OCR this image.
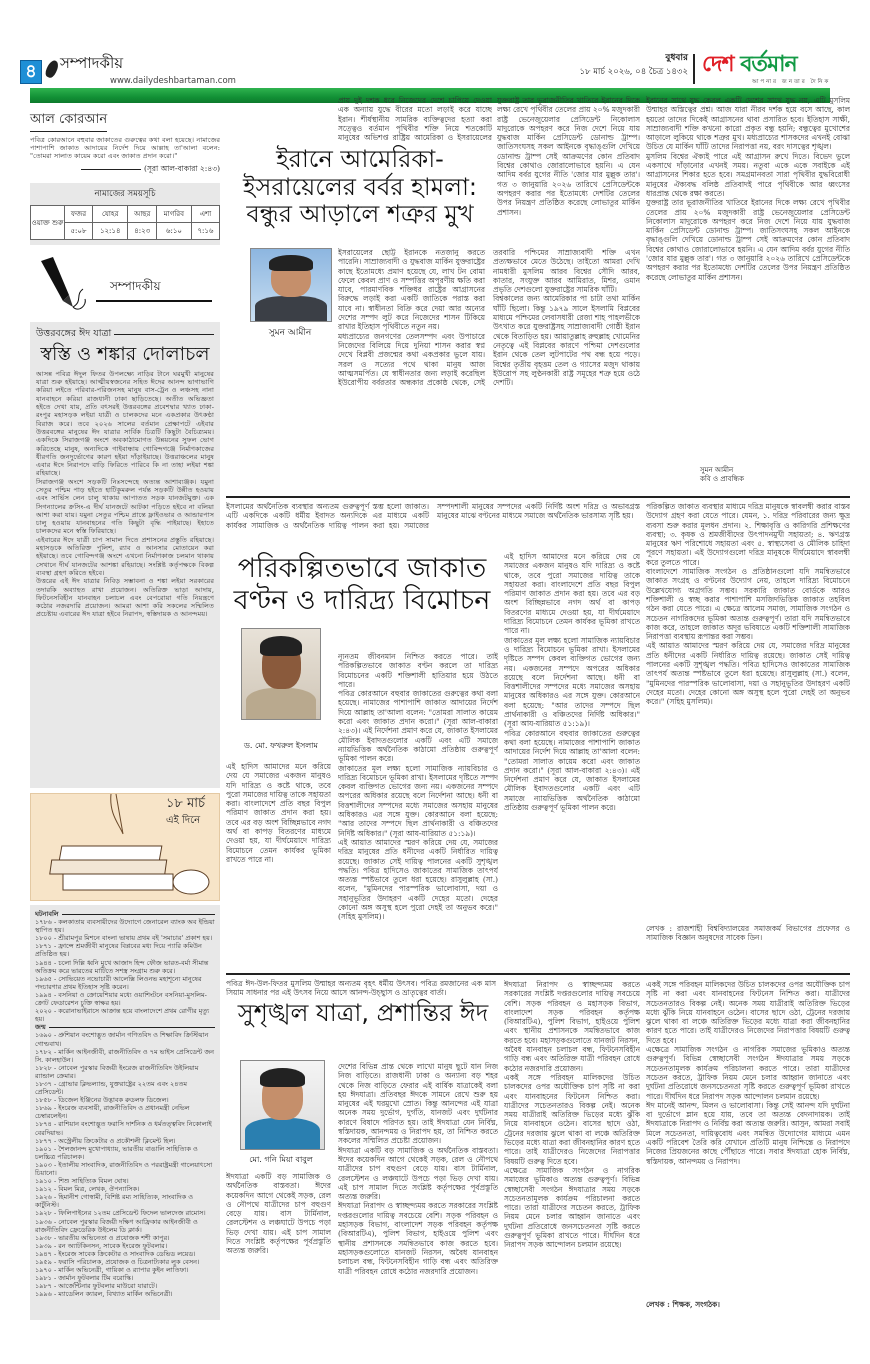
৪	সম্পাদকীয়
www.dailydeshbartaman.com
বুধবার
১৮ মার্চ ২০২৬, ০৪ চৈত্র ১৪৩২ দেশ বর্তমান
আপনার জনতার দৈনিক
আল কোরআন
পবিত্র কোরআনে বহুবার জাকাতের গুরুত্বের কথা বলা হয়েছে। নামাজের পাশাপাশি জাকাত আদায়ের নির্দেশ দিয়ে আল্লাহ তা'আলা বলেন: "তোমরা সালাত কায়েম করো এবং জাকাত প্রদান করো।"
(সূরা আল-বাকারা ২:৪৩)
নামাজের সময়সূচি
ওয়াক্ত শুরু	ফজর	যোহর	আছর	মাগরিব	এশা
	৫:০৮	১২:১৪	৪:২৩	৬:১০	৭:১৬
সম্পাদকীয়
উত্তরবঙ্গের ঈদ যাত্রা
স্বস্তি ও শঙ্কার দোলাচল

আসন্ন পবিত্র ঈদুল ফিতর উপলক্ষ্যে নাড়ির টানে ঘরমুখী মানুষের যাত্রা শুরু হইয়াছে। আত্মীয়স্বজনের সহিত ঈদের আনন্দ ভাগাভাগি করিয়া লইতে পরিবার-পরিজনসহ মানুষ বাস-ট্রেন ও লঞ্চসহ নানা যানবাহনে করিয়া রাজধানী ঢাকা ছাড়িতেছে। অতীত অভিজ্ঞতা হইতে দেখা যায়, প্রতি বৎসরই উত্তরবঙ্গের প্রবেশদ্বার খ্যাত ঢাকা-রংপুর মহাসড়ক লইয়া যাত্রী ও চালকদের মনে একপ্রকার উৎকণ্ঠা বিরাজ করে। তবে ২০২৬ সালের বর্তমান প্রেক্ষাপটে এইবার উত্তরবঙ্গের মানুষের ঈদ যাত্রার সার্বিক চিত্রটি কিছুটা বৈচিত্র্যময়। একদিকে সিরাজগঞ্জ অংশে অবকাঠামোগত উন্নয়নের সুফল ভোগ করিতেছে মানুষ, অন্যদিকে গাইবান্ধায় গোবিন্দগঞ্জে নির্মাণকাজের ধীরগতি জনদুর্ভোগের কারণ হইয়া দাঁড়াইয়াছে। উত্তরাঞ্চলের মানুষ এবার ঈদে নিরাপদে বাড়ি ফিরিতে পারিবে কি না তাহা লইয়া শঙ্কা রহিয়াছে।

সিরাজগঞ্জ অংশে সড়কটি নিঃসন্দেহে অত্যন্ত আশাব্যঞ্জক। যমুনা সেতুর পশ্চিম পাড় হইতে হাটিকুমরুল পর্যন্ত সড়কটি উন্নীত হওয়ায় এবং সার্ভিস লেন চালু থাকায় আপাতত সড়ক যানজটমুক্ত। এক সিগন্যালের ক্রসিং-এ দীর্ঘ যানজটে আটকা পড়িতে হইবে না বলিয়া আশা করা যায়। যমুনা সেতুর পশ্চিম প্রান্তে ফ্লাইওভার ও আন্ডারপাস চালু হওয়ায় যানবাহনের গতি কিছুটা বৃদ্ধি পাইয়াছে। ইহাতে চালকদের মনে স্বস্তি ফিরিয়াছে।

এইবারের ঈদে যাত্রী চাপ সামাল দিতে প্রশাসনের প্রস্তুতি রহিয়াছে। মহাসড়কে অতিরিক্ত পুলিশ, র‍্যাব ও আনসার মোতায়েন করা হইয়াছে। তবে গোবিন্দগঞ্জ অংশে এখনো নির্মাণকাজ চলমান থাকায় সেখানে দীর্ঘ যানজটের আশঙ্কা রহিয়াছে। সংশ্লিষ্ট কর্তৃপক্ষকে বিকল্প ব্যবস্থা গ্রহণ করিতে হইবে।

উত্তরের এই ঈদ যাত্রার নিবিড় সম্ভাবনা ও শঙ্কা লইয়া সরকারের তদারকি অব্যাহত রাখা প্রয়োজন। অতিরিক্ত ভাড়া আদায়, ফিটনেসবিহীন যানবাহন চলাচল এবং বেপরোয়া গতি নিয়ন্ত্রণে কঠোর নজরদারি প্রয়োজন। আমরা আশা করি সকলের সম্মিলিত প্রচেষ্টায় এবারের ঈদ যাত্রা হইবে নিরাপদ, স্বস্তিদায়ক ও আনন্দময়।

১৮ মার্চ
এই দিনে
ঘটনাবলি

১৭৮৬ - কলকাতায় ব্যবসায়ীদের উদ্যোগে জেনারেল ব্যাংক অব ইন্ডিয়া স্থাপিত হয়।

১৮০০ - শ্রীরামপুর মিশনে বাংলা ভাষায় প্রথম বই 'সমাচার' প্রকাশ হয়।

১৮৭১ - ফ্রান্সে শ্রমজীবী মানুষের বিপ্লবের মধ্য দিয়ে প্যারি কমিউন প্রতিষ্ঠিত হয়।

১৯৪৪ - চলো দিল্লি ধ্বনি মুখে আজাদ হিন্দ ফৌজ ভারত-বর্মা সীমান্ত অতিক্রম করে ভারতের মাটিতে সশস্ত্র সংগ্রাম শুরু করে।

১৯৬৫ - সোভিয়েত নভোচারী আলেক্সি লিওনভ মহাশূন্যে মানুষের পদচারণার প্রথম ইতিহাস সৃষ্টি করেন।

১৯৯৪ - বসনিয়া ও ক্রোয়েশিয়ার মধ্যে ওয়াশিংটনে বসনিয়া-মুসলিম-ক্রোট ফেডারেশন চুক্তি স্বাক্ষর হয়।

২০২০ - করোনাভাইরাসে আক্রান্ত হয়ে বাংলাদেশে প্রথম রোগীর মৃত্যু হয়।

জন্ম

১৬৯০ - প্রুশিয়ান বংশোদ্ভূত জার্মান গণিতবিদ ও শিক্ষাবিদ ক্রিস্টিয়ান গোল্ডবাখ।

১৭৮২ - মার্কিন আইনজীবী, রাজনীতিবিদ ও ৭ম ভাইস প্রেসিডেন্ট জন সি. কালহাউন।

১৮২৮ - নোবেল পুরস্কার বিজয়ী ইংরেজ রাজনীতিবিদ উইলিয়াম র‍্যান্ডাল ক্রেমার।

১৮৩৭ - গ্রোভার ক্লিভল্যান্ড, যুক্তরাষ্ট্রের ২২তম এবং ২৪তম প্রেসিডেন্ট।

১৮৫৮ - ডিজেল ইঞ্জিনের উদ্ভাবক রুডলফ ডিজেল।

১৮৬৯ - ইংরেজ ব্যবসায়ী, রাজনীতিবিদ ও প্রধানমন্ত্রী নেভিল চেম্বারলেইন।

১৮৭৪ - রাশিয়ান বংশোদ্ভূত ফরাসি দার্শনিক ও ধর্মতত্ত্ববিদ নিকোলাই বেরদিয়াভ।

১৮৭৭ - অস্ট্রেলীয় ক্রিকেটার ও প্রকৌশলী ক্লিমেন্ট হিল।

১৯০১ - শৈলজানন্দ মুখোপাধ্যায়, ভারতীয় বাঙালি সাহিত্যিক ও চলচ্চিত্র পরিচালক।

১৯০৩ - ইতালীয় সাংবাদিক, রাজনীতিবিদ ও পররাষ্ট্রমন্ত্রী গালেয়াৎসো চিয়ানো।

১৯১০ - শিশু সাহিত্যিক বিমল ঘোষ।

১৯১২ - বিমল মিত্র, লেখক, ঔপন্যাসিক।

১৯২৬ - হিমানীশ গোস্বামী, বিশিষ্ট রম্য সাহিত্যিক, সাংবাদিক ও কার্টুনিস্ট।

১৯২৮ - ফিলিপাইনের ১২তম প্রেসিডেন্ট ফিদেল ভালদেজ রামোস।

১৯৩৬ - নোবেল পুরস্কার বিজয়ী দক্ষিণ আফ্রিকার আইনজীবী ও রাজনীতিবিদ ফ্রেডেরিক উইলেম ডি ক্লার্ক।

১৯৩৮ - ভারতীয় অভিনেতা ও প্রযোজক শশী কাপুর।

১৯৩৯ - রন অ্যাটকিনসন, সাবেক ইংরেজ ফুটবলার।

১৯৪৭ - ইংরেজ সাবেক ক্রিকেটার ও সাংবাদিক ডেভিড লয়েড।

১৯৫৯ - ফরাসি পরিচালক, প্রযোজক ও চিত্রনাট্যকার লুক বেসন।

১৯৭০ - মার্কিন অভিনেত্রী, গায়িকা ও র‍্যাপার কুইন লাতিফা।

১৯৮১ - জার্মান ফুটবলার টিম বরোস্কি।

১৯৮৭ - আর্জেন্টিনার ফুটবলার মাউরো যারাটে।

১৯৯৬ - ম্যাডেলিন ক্যারল, বিখ্যাত মার্কিন অভিনেত্রী।

প্রায় দুই দশক ধরে নিজেদের দেশে চাপিয়ে দেওয়া এক অন্যায় যুদ্ধে বীরের মতো লড়াই করে যাচ্ছে ইরান। শীর্ষস্থানীয় সামরিক ব্যক্তিত্বদের হত্যা করা সত্ত্বেও বর্তমান পৃথিবীর শক্তি নিয়ে শতকোটি মানুষের অভিশপ্ত রাষ্ট্রিয় আমেরিকা ও ইসরায়েলের
ইরানে আমেরিকা-ইসরায়েলের বর্বর হামলা: বন্ধুর আড়ালে শত্রুর মুখ
সুমন আমীন

ইসরায়েলের ছোট্ট ইরানকে নতজানু করতে পারেনি। সাম্রাজ্যবাদী ও যুদ্ধবাজ মার্কিন যুক্তরাষ্ট্রের কাছে ইতোমধ্যে প্রমাণ হয়েছে যে, লাখ টন বোমা ফেলে কেবল প্রাণ ও সম্পত্তির অপূরণীয় ক্ষতি করা যাবে, পারমাণবিক শক্তিধর রাষ্ট্রের আগ্রাসনের বিরুদ্ধে লড়াই করা একটি জাতিকে পরাস্ত করা যাবে না। স্বাধীনতা বিক্রি করে দেয়া আর অন্যের দেশের সম্পদ লুট করে নিজেদের শাসন টিকিয়ে রাখার ইতিহাস পৃথিবীতে নতুন নয়।

মধ্যপ্রাচ্যের জনগণের তেলসম্পদ এবং উপাচারে নিজেদের বিলিয়ে দিয়ে দুনিয়া শাসন করার স্বপ্ন দেখে বিপ্লবী প্রজন্মের কথা একপ্রকার ভুলে যায়। সরল ও সত্যের পথে থাকা মানুষ আজ আত্মসমর্পিত। যে স্বাধীনতার জন্য লড়াই করেছিল ইউরোপীয় বর্বরতার অন্ধকার প্রকোষ্ঠ থেকে, সেই তরবারি পশ্চিমের সাম্রাজ্যবাদী শক্তি এখন প্রত্যক্ষভাবে মেতে উঠেছে। তাইতো আমরা দেখি নামধারী মুসলিম আরব বিশ্বের সৌদি আরব, কাতার, সংযুক্ত আরব আমিরাত, মিশর, ওমান প্রভৃতি দেশগুলো যুক্তরাষ্ট্রের সামরিক ঘাঁটি।

বিশ্বকালের জন্য আমেরিকার পা চাটা তথা মার্কিন ঘাঁটি ছিলো। কিন্তু ১৯৭৯ সালে ইসলামি বিপ্লবের মাধ্যমে পশ্চিমের লেবাসধারী রেজা শাহ পাহলভীকে উৎখাত করে যুক্তরাষ্ট্রসহ সাম্রাজ্যবাদী গোষ্ঠী ইরান থেকে বিতাড়িত হয়। আয়াতুল্লাহ রুহুল্লাহ খোমেনির নেতৃত্বে এই বিপ্লবের কারণে পশ্চিমা দেশগুলোর ইরান থেকে তেল লুটপাটের পথ বন্ধ হয়ে পড়ে। বিশ্বের তৃতীয় বৃহত্তম তেল ও গ্যাসের মজুদ থাকায় ইউরোপ সহ লুণ্ঠনকারী রাষ্ট্র সমূহের শত্রু হয়ে ওঠে দেশটি।

যুক্তরাষ্ট্র তার ভূরাজনীতির খাতিরে ইরানের দিকে লক্ষ্য রেখে পৃথিবীর তেলের প্রায় ২০% মজুদকারী রাষ্ট্র ভেনেজুয়েলার প্রেসিডেন্ট নিকোলাস মাদুরোকে অপহরণ করে নিজ দেশে নিয়ে যায় যুদ্ধবাজ মার্কিন প্রেসিডেন্ট ডোনাল্ড ট্রাম্প। জাতিসংঘসহ সকল আইনকে বৃদ্ধাঙ্গুলি দেখিয়ে ডোনাল্ড ট্রাম্প সেই আক্রমণের কোন প্রতিবাদ বিশ্বের কোথাও জোরালোভাবে হয়নি। এ যেন আদিম বর্বর যুগের নীতি 'জোর যার মুল্লুক তার'। গত ৩ জানুয়ারি ২০২৬ তারিখে প্রেসিডেন্টকে অপহরণ করার পর ইতোমধ্যে দেশটির তেলের উপর নিয়ন্ত্রণ প্রতিষ্ঠিত করেছে লোভাতুর মার্কিন প্রশাসন।

ইরানের সাথে যুদ্ধ কেবল একটি দেশের সাথে যুদ্ধ নয়, এটি মুসলিম উম্মাহর অস্তিত্বের প্রশ্ন। আজ যারা নীরব দর্শক হয়ে বসে আছে, কাল হয়তো তাদের দিকেই আগ্রাসনের থাবা প্রসারিত হবে। ইতিহাস সাক্ষী, সাম্রাজ্যবাদী শক্তি কখনো কারো প্রকৃত বন্ধু হয়নি; বন্ধুত্বের মুখোশের আড়ালে লুকিয়ে থাকে শত্রুর মুখ। মধ্যপ্রাচ্যের শাসকদের এখনই বোঝা উচিত যে মার্কিন ঘাঁটি তাদের নিরাপত্তা নয়, বরং দাসত্বের শৃঙ্খল।

মুসলিম বিশ্বের ঐক্যই পারে এই আগ্রাসন রুখে দিতে। বিভেদ ভুলে একসাথে দাঁড়ানোর এখনই সময়। নতুবা একে একে সবাইকে এই আগ্রাসনের শিকার হতে হবে। সমগ্রমানবতা সারা পৃথিবীর যুদ্ধবিরোধী মানুষের ঐক্যবদ্ধ বলিষ্ঠ প্রতিবাদই পারে পৃথিবীকে আর ধ্বংসের ধারপ্রান্ত থেকে রক্ষা করতে।

যুক্তরাষ্ট্র তার ভূরাজনীতির খাতিরে ইরানের দিকে লক্ষ্য রেখে পৃথিবীর তেলের প্রায় ২০% মজুদকারী রাষ্ট্র ভেনেজুয়েলার প্রেসিডেন্ট নিকোলাস মাদুরোকে অপহরণ করে নিজ দেশে নিয়ে যায় যুদ্ধবাজ মার্কিন প্রেসিডেন্ট ডোনাল্ড ট্রাম্প। জাতিসংঘসহ সকল আইনকে বৃদ্ধাঙ্গুলি দেখিয়ে ডোনাল্ড ট্রাম্প সেই আক্রমণের কোন প্রতিবাদ বিশ্বের কোথাও জোরালোভাবে হয়নি। এ যেন আদিম বর্বর যুগের নীতি 'জোর যার মুল্লুক তার'। গত ৩ জানুয়ারি ২০২৬ তারিখে প্রেসিডেন্টকে অপহরণ করার পর ইতোমধ্যে দেশটির তেলের উপর নিয়ন্ত্রণ প্রতিষ্ঠিত করেছে লোভাতুর মার্কিন প্রশাসন।

সুমন আমীন
কবি ও প্রাবন্ধিক
ইসলামের অর্থনৈতিক ব্যবস্থার অন্যতম গুরুত্বপূর্ণ স্তম্ভ হলো জাকাত। এটি একদিকে একটি ধর্মীয় ইবাদত অন্যদিকে এর মাধ্যমে একটি কার্যকর সামাজিক ও অর্থনৈতিক দায়িত্ব পালন করা হয়। সমাজের সম্পদশালী মানুষের সম্পদের একটি নির্দিষ্ট অংশ দরিদ্র ও অভাবগ্রস্ত মানুষের মাঝে বণ্টনের মাধ্যমে সমাজে অর্থনৈতিক ভারসাম্য সৃষ্টি হয়।
পরিকল্পিতভাবে জাকাত বণ্টন ও দারিদ্র্য বিমোচন
ড. মো. ফখরুল ইসলাম

ন্যূনতম জীবনমান নিশ্চিত করতে পারে। তাই পরিকল্পিতভাবে জাকাত বণ্টন করলে তা দারিদ্র্য বিমোচনের একটি শক্তিশালী হাতিয়ার হয়ে উঠতে পারে।

পবিত্র কোরআনে বহুবার জাকাতের গুরুত্বের কথা বলা হয়েছে। নামাজের পাশাপাশি জাকাত আদায়ের নির্দেশ দিয়ে আল্লাহ তা'আলা বলেন: "তোমরা সালাত কায়েম করো এবং জাকাত প্রদান করো।" (সূরা আল-বাকারা ২:৪৩)। এই নির্দেশনা প্রমাণ করে যে, জাকাত ইসলামের মৌলিক ইবাদতগুলোর একটি এবং এটি সমাজে ন্যায়ভিত্তিক অর্থনৈতিক কাঠামো প্রতিষ্ঠায় গুরুত্বপূর্ণ ভূমিকা পালন করে।

জাকাতের মূল লক্ষ্য হলো সামাজিক ন্যায়বিচার ও দারিদ্র্য বিমোচনে ভূমিকা রাখা। ইসলামের দৃষ্টিতে সম্পদ কেবল ব্যক্তিগত ভোগের জন্য নয়। একজনের সম্পদে অপরের অধিকার রয়েছে বলে নির্দেশনা আছে। ধনী বা বিত্তশালীদের সম্পদের মধ্যে সমাজের অসহায় মানুষের অধিকারও এর সঙ্গে যুক্ত। কোরআনে বলা হয়েছে: "আর তাদের সম্পদে ছিল প্রার্থনাকারী ও বঞ্চিতদের নির্দিষ্ট অধিকার।" (সূরা আয-যারিয়াত ৫১:১৯)।

এই আয়াত আমাদের স্মরণ করিয়ে দেয় যে, সমাজের দরিদ্র মানুষের প্রতি ধনীদের একটি নির্ধারিত দায়িত্ব রয়েছে। জাকাত সেই দায়িত্ব পালনের একটি সুশৃঙ্খল পদ্ধতি। পবিত্র হাদিসেও জাকাতের সামাজিক তাৎপর্য অত্যন্ত স্পষ্টভাবে তুলে ধরা হয়েছে। রাসুলুল্লাহ (সা.) বলেন, "মুমিনদের পারস্পরিক ভালোবাসা, দয়া ও সহানুভূতির উদাহরণ একটি দেহের মতো। দেহের কোনো অঙ্গ অসুস্থ হলে পুরো দেহই তা অনুভব করে।" (সহিহ মুসলিম)।

এই হাদিস আমাদের মনে করিয়ে দেয় যে সমাজের একজন মানুষও যদি দারিদ্র্য ও কষ্টে থাকে, তবে পুরো সমাজের দায়িত্ব তাকে সহায়তা করা। বাংলাদেশে প্রতি বছর বিপুল পরিমাণ জাকাত প্রদান করা হয়। তবে এর বড় অংশ বিচ্ছিন্নভাবে নগদ অর্থ বা কাপড় বিতরণের মাধ্যমে দেওয়া হয়, যা দীর্ঘমেয়াদে দারিদ্র্য বিমোচনে তেমন কার্যকর ভূমিকা রাখতে পারে না।

এই হাদিস আমাদের মনে করিয়ে দেয় যে সমাজের একজন মানুষও যদি দারিদ্র্য ও কষ্টে থাকে, তবে পুরো সমাজের দায়িত্ব তাকে সহায়তা করা। বাংলাদেশে প্রতি বছর বিপুল পরিমাণ জাকাত প্রদান করা হয়। তবে এর বড় অংশ বিচ্ছিন্নভাবে নগদ অর্থ বা কাপড় বিতরণের মাধ্যমে দেওয়া হয়, যা দীর্ঘমেয়াদে দারিদ্র্য বিমোচনে তেমন কার্যকর ভূমিকা রাখতে পারে না।

জাকাতের মূল লক্ষ্য হলো সামাজিক ন্যায়বিচার ও দারিদ্র্য বিমোচনে ভূমিকা রাখা। ইসলামের দৃষ্টিতে সম্পদ কেবল ব্যক্তিগত ভোগের জন্য নয়। একজনের সম্পদে অপরের অধিকার রয়েছে বলে নির্দেশনা আছে। ধনী বা বিত্তশালীদের সম্পদের মধ্যে সমাজের অসহায় মানুষের অধিকারও এর সঙ্গে যুক্ত। কোরআনে বলা হয়েছে: "আর তাদের সম্পদে ছিল প্রার্থনাকারী ও বঞ্চিতদের নির্দিষ্ট অধিকার।" (সূরা আয-যারিয়াত ৫১:১৯)।

পবিত্র কোরআনে বহুবার জাকাতের গুরুত্বের কথা বলা হয়েছে। নামাজের পাশাপাশি জাকাত আদায়ের নির্দেশ দিয়ে আল্লাহ তা'আলা বলেন: "তোমরা সালাত কায়েম করো এবং জাকাত প্রদান করো।" (সূরা আল-বাকারা ২:৪৩)। এই নির্দেশনা প্রমাণ করে যে, জাকাত ইসলামের মৌলিক ইবাদতগুলোর একটি এবং এটি সমাজে ন্যায়ভিত্তিক অর্থনৈতিক কাঠামো প্রতিষ্ঠায় গুরুত্বপূর্ণ ভূমিকা পালন করে।

পরিকল্পিত জাকাত ব্যবস্থার মাধ্যমে দরিদ্র মানুষকে স্বাবলম্বী করার বাস্তব উদ্যোগ গ্রহণ করা যেতে পারে। যেমন, ১. দরিদ্র পরিবারের জন্য ক্ষুদ্র ব্যবসা শুরু করার মূলধন প্রদান। ২. শিক্ষাবৃত্তি ও কারিগরি প্রশিক্ষণের ব্যবস্থা; ৩. কৃষক ও শ্রমজীবীদের উৎপাদনমুখী সহায়তা; ৪. ঋণগ্রস্ত মানুষের ঋণ পরিশোধে সহায়তা এবং ৫. স্বাস্থ্যসেবা ও মৌলিক চাহিদা পূরণে সহায়তা। এই উদ্যোগগুলো দরিদ্র মানুষকে দীর্ঘমেয়াদে স্বাবলম্বী করে তুলতে পারে।

বাংলাদেশে সামাজিক সংগঠন ও প্রতিষ্ঠানগুলো যদি সমন্বিতভাবে জাকাত সংগ্রহ ও বণ্টনের উদ্যোগ নেয়, তাহলে দারিদ্র্য বিমোচনে উল্লেখযোগ্য অগ্রগতি সম্ভব। সরকারি জাকাত বোর্ডকে আরও শক্তিশালী ও স্বচ্ছ করার পাশাপাশি মসজিদভিত্তিক জাকাত তহবিল গঠন করা যেতে পারে। এ ক্ষেত্রে আলেম সমাজ, সামাজিক সংগঠন ও সচেতন নাগরিকদের ভূমিকা অত্যন্ত গুরুত্বপূর্ণ। তারা যদি সমন্বিতভাবে কাজ করে, তাহলে জাকাত অদূর ভবিষ্যতে একটি শক্তিশালী সামাজিক নিরাপত্তা ব্যবস্থায় রূপান্তর করা সম্ভব।

এই আয়াত আমাদের স্মরণ করিয়ে দেয় যে, সমাজের দরিদ্র মানুষের প্রতি ধনীদের একটি নির্ধারিত দায়িত্ব রয়েছে। জাকাত সেই দায়িত্ব পালনের একটি সুশৃঙ্খল পদ্ধতি। পবিত্র হাদিসেও জাকাতের সামাজিক তাৎপর্য অত্যন্ত স্পষ্টভাবে তুলে ধরা হয়েছে। রাসুলুল্লাহ (সা.) বলেন, "মুমিনদের পারস্পরিক ভালোবাসা, দয়া ও সহানুভূতির উদাহরণ একটি দেহের মতো। দেহের কোনো অঙ্গ অসুস্থ হলে পুরো দেহই তা অনুভব করে।" (সহিহ মুসলিম)।

লেখক : রাজশাহী বিশ্ববিদ্যালয়ের সমাজকর্ম বিভাগের প্রফেসর ও সামাজিক বিজ্ঞান অনুষদের সাবেক ডিন।
পবিত্র ঈদ-উল-ফিতর মুসলিম উম্মাহর অন্যতম বৃহৎ ধর্মীয় উৎসব। পবিত্র রমজানের এক মাস সিয়াম সাধনার পর এই উৎসব নিয়ে আসে আনন্দ-উচ্ছ্বাস ও ভ্রাতৃত্বের বার্তা।
সুশৃঙ্খল যাত্রা, প্রশান্তির ঈদ
মো. গনি মিয়া বাবুল

দেশের বিভিন্ন প্রান্ত থেকে লাখো মানুষ ছুটে যান নিজ নিজ বাড়িতে। রাজধানী ঢাকা ও অন্যান্য বড় শহর থেকে নিজ বাড়িতে ফেরার এই বার্ষিক যাত্রাকেই বলা হয় ঈদযাত্রা। প্রতিবছর ঈদকে সামনে রেখে শুরু হয় মানুষের এই ঘরমুখো স্রোত। কিন্তু আনন্দের এই যাত্রা অনেক সময় দুর্ভোগ, দুর্গতি, যানজট এবং দুর্ঘটনার কারণে বিষাদে পরিণত হয়। তাই ঈদযাত্রা যেন নির্বিঘ্ন, স্বস্তিদায়ক, আনন্দময় ও নিরাপদ হয়, তা নিশ্চিত করতে সকলের সম্মিলিত প্রচেষ্টা প্রয়োজন।

ঈদযাত্রা একটি বড় সামাজিক ও অর্থনৈতিক বাস্তবতা। ঈদের কয়েকদিন আগে থেকেই সড়ক, রেল ও নৌপথে যাত্রীদের চাপ বহুগুণ বেড়ে যায়। বাস টার্মিনাল, রেলস্টেশন ও লঞ্চঘাটে উপচে পড়া ভিড় দেখা যায়। এই চাপ সামাল দিতে সংশ্লিষ্ট কর্তৃপক্ষের পূর্বপ্রস্তুতি অত্যন্ত জরুরি।

ঈদযাত্রা নিরাপদ ও স্বাচ্ছন্দ্যময় করতে সরকারের সংশ্লিষ্ট দপ্তরগুলোর দায়িত্ব সবচেয়ে বেশি। সড়ক পরিবহন ও মহাসড়ক বিভাগ, বাংলাদেশ সড়ক পরিবহন কর্তৃপক্ষ (বিআরটিএ), পুলিশ বিভাগ, হাইওয়ে পুলিশ এবং স্থানীয় প্রশাসনকে সমন্বিতভাবে কাজ করতে হবে। মহাসড়কগুলোতে যানজট নিরসন, অবৈধ যানবাহন চলাচল বন্ধ, ফিটনেসবিহীন গাড়ি বন্ধ এবং অতিরিক্ত যাত্রী পরিবহন রোধে কঠোর নজরদারি প্রয়োজন।

ঈদযাত্রা একটি বড় সামাজিক ও অর্থনৈতিক বাস্তবতা। ঈদের কয়েকদিন আগে থেকেই সড়ক, রেল ও নৌপথে যাত্রীদের চাপ বহুগুণ বেড়ে যায়। বাস টার্মিনাল, রেলস্টেশন ও লঞ্চঘাটে উপচে পড়া ভিড় দেখা যায়। এই চাপ সামাল দিতে সংশ্লিষ্ট কর্তৃপক্ষের পূর্বপ্রস্তুতি অত্যন্ত জরুরি।

ঈদযাত্রা নিরাপদ ও স্বাচ্ছন্দ্যময় করতে সরকারের সংশ্লিষ্ট দপ্তরগুলোর দায়িত্ব সবচেয়ে বেশি। সড়ক পরিবহন ও মহাসড়ক বিভাগ, বাংলাদেশ সড়ক পরিবহন কর্তৃপক্ষ (বিআরটিএ), পুলিশ বিভাগ, হাইওয়ে পুলিশ এবং স্থানীয় প্রশাসনকে সমন্বিতভাবে কাজ করতে হবে। মহাসড়কগুলোতে যানজট নিরসন, অবৈধ যানবাহন চলাচল বন্ধ, ফিটনেসবিহীন গাড়ি বন্ধ এবং অতিরিক্ত যাত্রী পরিবহন রোধে কঠোর নজরদারি প্রয়োজন।

একই সঙ্গে পরিবহন মালিকদের উচিত চালকদের ওপর অযৌক্তিক চাপ সৃষ্টি না করা এবং যানবাহনের ফিটনেস নিশ্চিত করা। যাত্রীদের সচেতনতারও বিকল্প নেই। অনেক সময় যাত্রীরাই অতিরিক্ত ভিড়ের মধ্যে ঝুঁকি নিয়ে যানবাহনে ওঠেন। বাসের ছাদে ওঠা, ট্রেনের দরজায় ঝুলে থাকা বা লঞ্চে অতিরিক্ত ভিড়ের মধ্যে যাত্রা করা জীবনহানির কারণ হতে পারে। তাই যাত্রীদেরও নিজেদের নিরাপত্তার বিষয়টি গুরুত্ব দিতে হবে।

এক্ষেত্রে সামাজিক সংগঠন ও নাগরিক সমাজের ভূমিকাও অত্যন্ত গুরুত্বপূর্ণ। বিভিন্ন স্বেচ্ছাসেবী সংগঠন ঈদযাত্রার সময় সড়কে সচেতনতামূলক কার্যক্রম পরিচালনা করতে পারে। তারা যাত্রীদের সচেতন করতে, ট্রাফিক নিয়ম মেনে চলার আহ্বান জানাতে এবং দুর্ঘটনা প্রতিরোধে জনসচেতনতা সৃষ্টি করতে গুরুত্বপূর্ণ ভূমিকা রাখতে পারে। দীর্ঘদিন ধরে নিরাপদ সড়ক আন্দোলন চলমান রয়েছে।

একই সঙ্গে পরিবহন মালিকদের উচিত চালকদের ওপর অযৌক্তিক চাপ সৃষ্টি না করা এবং যানবাহনের ফিটনেস নিশ্চিত করা। যাত্রীদের সচেতনতারও বিকল্প নেই। অনেক সময় যাত্রীরাই অতিরিক্ত ভিড়ের মধ্যে ঝুঁকি নিয়ে যানবাহনে ওঠেন। বাসের ছাদে ওঠা, ট্রেনের দরজায় ঝুলে থাকা বা লঞ্চে অতিরিক্ত ভিড়ের মধ্যে যাত্রা করা জীবনহানির কারণ হতে পারে। তাই যাত্রীদেরও নিজেদের নিরাপত্তার বিষয়টি গুরুত্ব দিতে হবে।

এক্ষেত্রে সামাজিক সংগঠন ও নাগরিক সমাজের ভূমিকাও অত্যন্ত গুরুত্বপূর্ণ। বিভিন্ন স্বেচ্ছাসেবী সংগঠন ঈদযাত্রার সময় সড়কে সচেতনতামূলক কার্যক্রম পরিচালনা করতে পারে। তারা যাত্রীদের সচেতন করতে, ট্রাফিক নিয়ম মেনে চলার আহ্বান জানাতে এবং দুর্ঘটনা প্রতিরোধে জনসচেতনতা সৃষ্টি করতে গুরুত্বপূর্ণ ভূমিকা রাখতে পারে। দীর্ঘদিন ধরে নিরাপদ সড়ক আন্দোলন চলমান রয়েছে।

ঈদ মানেই আনন্দ, মিলন ও ভালোবাসা। কিন্তু সেই আনন্দ যদি দুর্ঘটনা বা দুর্ভোগে ম্লান হয়ে যায়, তবে তা অত্যন্ত বেদনাদায়ক। তাই ঈদযাত্রাকে নিরাপদ ও নির্বিঘ্ন করা অত্যন্ত জরুরি। আসুন, আমরা সবাই মিলে সচেতনতা, দায়িত্ববোধ এবং সমন্বিত উদ্যোগের মাধ্যমে এমন একটি পরিবেশ তৈরি করি যেখানে প্রতিটি মানুষ নিশ্চিন্তে ও নিরাপদে নিজের প্রিয়জনের কাছে পৌঁছাতে পারে। সবার ঈদযাত্রা হোক নির্বিঘ্ন, স্বস্তিদায়ক, আনন্দময় ও নিরাপদ।

লেখক : শিক্ষক, সংগঠক।
